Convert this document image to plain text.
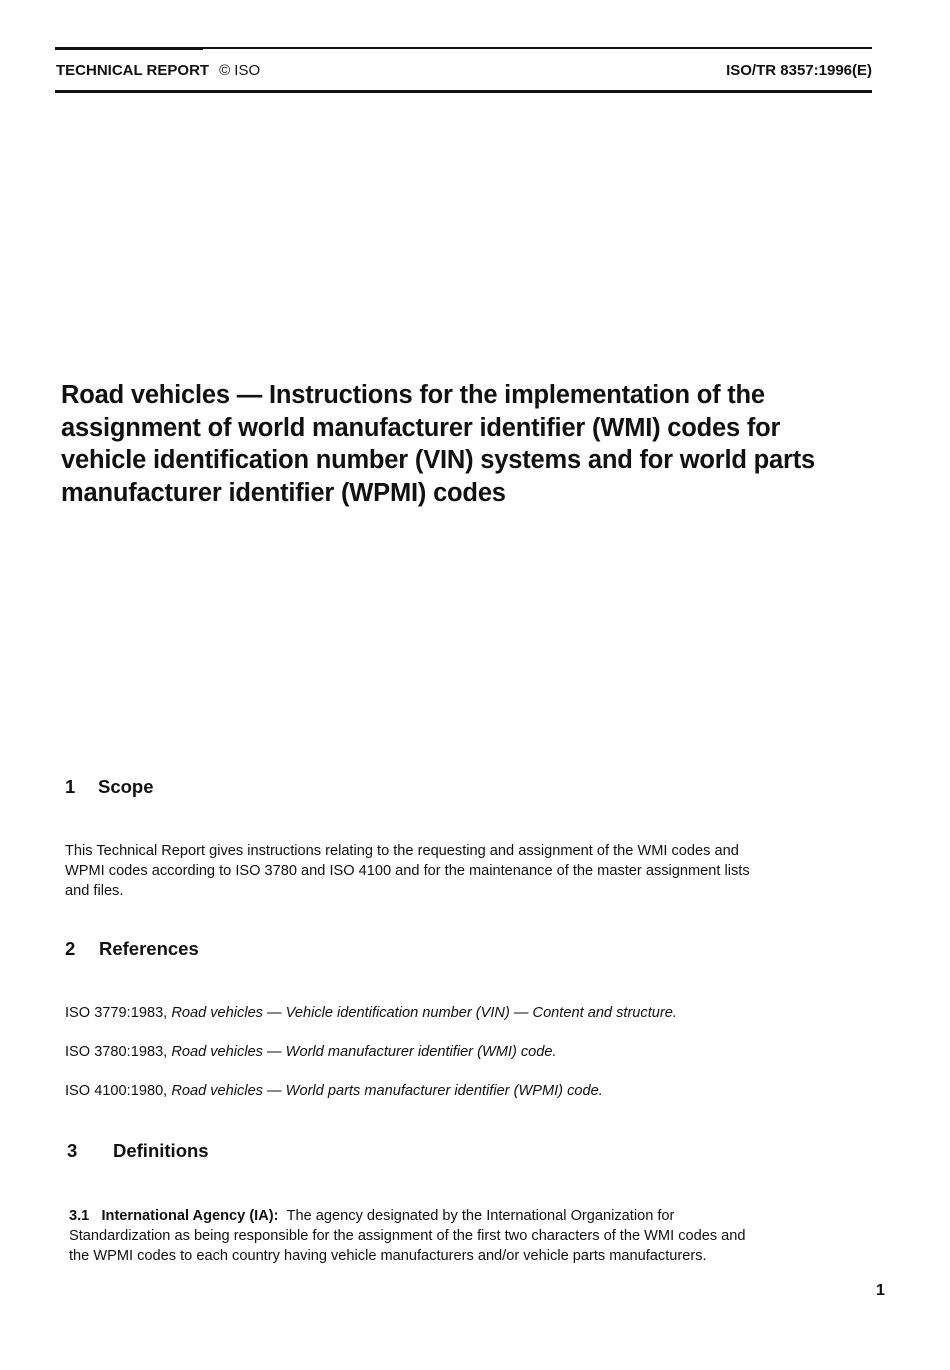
TECHNICAL REPORT © ISO	ISO/TR 8357:1996(E)
Road vehicles — Instructions for the implementation of the
assignment of world manufacturer identifier (WMI) codes for
vehicle identification number (VIN) systems and for world parts
manufacturer identifier (WPMI) codes
1 Scope

This Technical Report gives instructions relating to the requesting and assignment of the WMI codes and
WPMI codes according to ISO 3780 and ISO 4100 and for the maintenance of the master assignment lists
and files.

2 References

ISO 3779:1983, Road vehicles — Vehicle identification number (VIN) — Content and structure.

ISO 3780:1983, Road vehicles — World manufacturer identifier (WMI) code.

ISO 4100:1980, Road vehicles — World parts manufacturer identifier (WPMI) code.

3 Definitions

3.1 International Agency (IA): The agency designated by the International Organization for
Standardization as being responsible for the assignment of the first two characters of the WMI codes and
the WPMI codes to each country having vehicle manufacturers and/or vehicle parts manufacturers.

1
